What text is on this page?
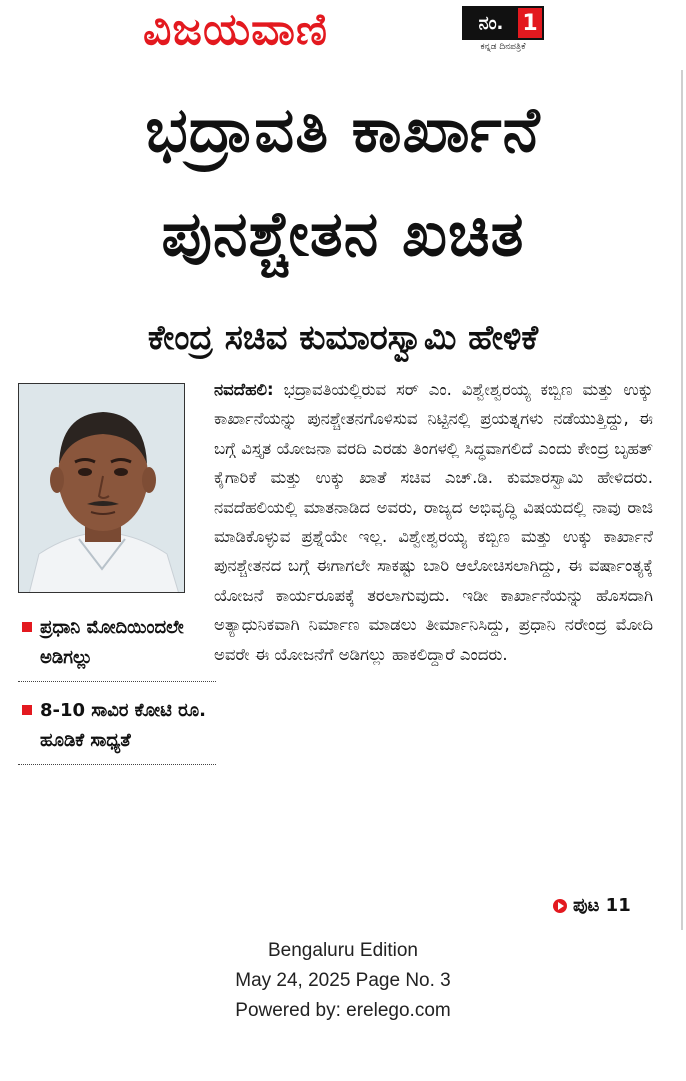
ವಿಜಯವಾಣಿ	ನಂ. 1
ಕನ್ನಡ ದಿನಪತ್ರಿಕೆ
ಭದ್ರಾವತಿ ಕಾರ್ಖಾನೆ
ಪುನಶ್ಚೇತನ ಖಚಿತ
ಕೇಂದ್ರ ಸಚಿವ ಕುಮಾರಸ್ವಾಮಿ ಹೇಳಿಕೆ
ನವದೆಹಲಿ: ಭದ್ರಾವತಿಯಲ್ಲಿರುವ ಸರ್ ಎಂ. ವಿಶ್ವೇಶ್ವರಯ್ಯ ಕಬ್ಬಿಣ ಮತ್ತು ಉಕ್ಕು ಕಾರ್ಖಾನೆಯನ್ನು ಪುನಶ್ಚೇತನಗೊಳಿಸುವ ನಿಟ್ಟಿನಲ್ಲಿ ಪ್ರಯತ್ನಗಳು ನಡೆಯುತ್ತಿದ್ದು, ಈ ಬಗ್ಗೆ ವಿಸ್ತೃತ ಯೋಜನಾ ವರದಿ ಎರಡು ತಿಂಗಳಲ್ಲಿ ಸಿದ್ಧವಾಗಲಿದೆ ಎಂದು ಕೇಂದ್ರ ಬೃಹತ್ ಕೈಗಾರಿಕೆ ಮತ್ತು ಉಕ್ಕು ಖಾತೆ ಸಚಿವ ಎಚ್.ಡಿ. ಕುಮಾರಸ್ವಾಮಿ ಹೇಳಿದರು. ನವದೆಹಲಿಯಲ್ಲಿ ಮಾತನಾಡಿದ ಅವರು, ರಾಜ್ಯದ ಅಭಿವೃದ್ಧಿ ವಿಷಯದಲ್ಲಿ ನಾವು ರಾಜಿ ಮಾಡಿಕೊಳ್ಳುವ ಪ್ರಶ್ನೆಯೇ ಇಲ್ಲ. ವಿಶ್ವೇಶ್ವರಯ್ಯ ಕಬ್ಬಿಣ ಮತ್ತು ಉಕ್ಕು ಕಾರ್ಖಾನೆ ಪುನಶ್ಚೇತನದ ಬಗ್ಗೆ ಈಗಾಗಲೇ ಸಾಕಷ್ಟು ಬಾರಿ ಆಲೋಚಿಸಲಾಗಿದ್ದು, ಈ ವರ್ಷಾಂತ್ಯಕ್ಕೆ ಯೋಜನೆ ಕಾರ್ಯರೂಪಕ್ಕೆ ತರಲಾಗುವುದು. ಇಡೀ ಕಾರ್ಖಾನೆಯನ್ನು ಹೊಸದಾಗಿ ಅತ್ಯಾಧುನಿಕವಾಗಿ ನಿರ್ಮಾಣ ಮಾಡಲು ತೀರ್ಮಾನಿಸಿದ್ದು, ಪ್ರಧಾನಿ ನರೇಂದ್ರ ಮೋದಿ ಅವರೇ ಈ ಯೋಜನೆಗೆ ಅಡಿಗಲ್ಲು ಹಾಕಲಿದ್ದಾರೆ ಎಂದರು.
ಪ್ರಧಾನಿ ಮೋದಿಯಿಂದಲೇ ಅಡಿಗಲ್ಲು
8-10 ಸಾವಿರ ಕೋಟಿ ರೂ. ಹೂಡಿಕೆ ಸಾಧ್ಯತೆ
ಪುಟ 11
Bengaluru Edition
May 24, 2025 Page No. 3
Powered by: erelego.com
